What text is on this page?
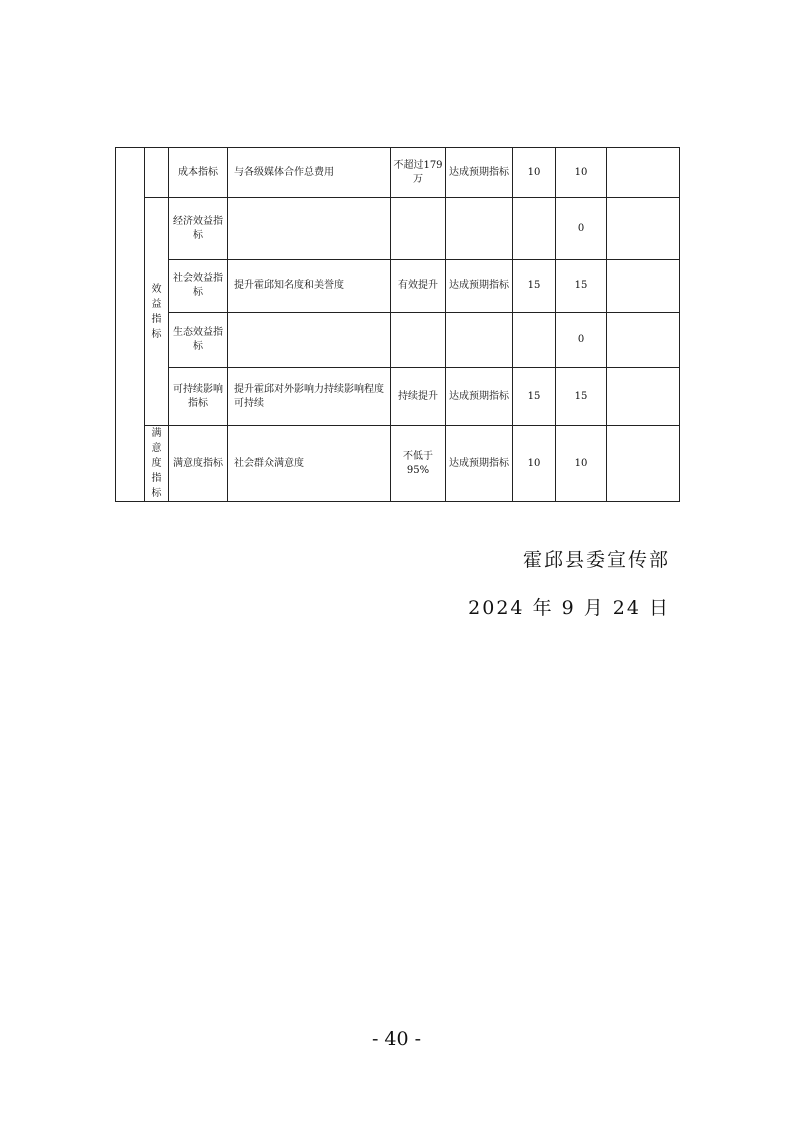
		成本指标	与各级媒体合作总费用	不超过179万	达成预期指标	10	10	
	效益指标	经济效益指标					0	
		社会效益指标	提升霍邱知名度和美誉度	有效提升	达成预期指标	15	15	
		生态效益指标					0	
		可持续影响指标	提升霍邱对外影响力持续影响程度可持续	持续提升	达成预期指标	15	15	
	满意度指标	满意度指标	社会群众满意度	不低于95%	达成预期指标	10	10	
霍邱县委宣传部
2024 年 9 月 24 日
- 40 -
